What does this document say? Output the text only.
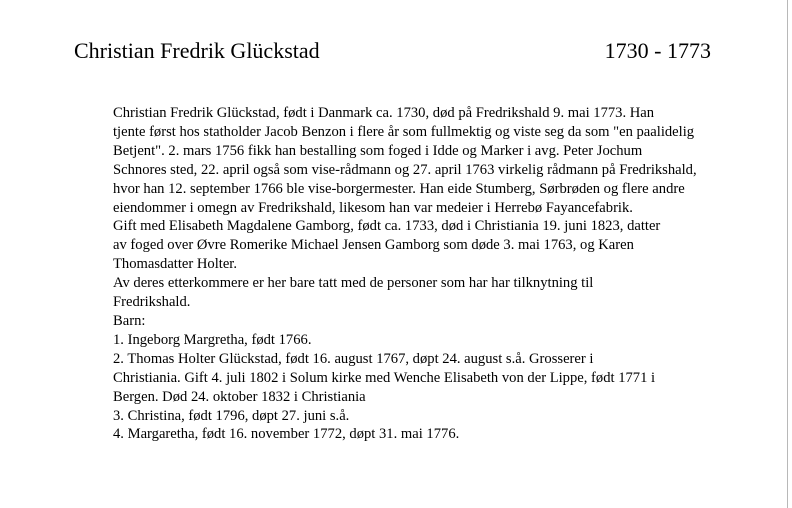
Christian Fredrik Glückstad	1730 - 1773

Christian Fredrik Glückstad, født i Danmark ca. 1730, død på Fredrikshald 9. mai 1773. Han
tjente først hos statholder Jacob Benzon i flere år som fullmektig og viste seg da som "en paalidelig
Betjent". 2. mars 1756 fikk han bestalling som foged i Idde og Marker i avg. Peter Jochum
Schnores sted, 22. april også som vise-rådmann og 27. april 1763 virkelig rådmann på Fredrikshald,
hvor han 12. september 1766 ble vise-borgermester. Han eide Stumberg, Sørbrøden og flere andre
eiendommer i omegn av Fredrikshald, likesom han var medeier i Herrebø Fayancefabrik.

Gift med Elisabeth Magdalene Gamborg, født ca. 1733, død i Christiania 19. juni 1823, datter
av foged over Øvre Romerike Michael Jensen Gamborg som døde 3. mai 1763, og Karen
Thomasdatter Holter.

Av deres etterkommere er her bare tatt med de personer som har har tilknytning til
Fredrikshald.

Barn:
1. Ingeborg Margretha, født 1766.
2. Thomas Holter Glückstad, født 16. august 1767, døpt 24. august s.å. Grosserer i
Christiania. Gift 4. juli 1802 i Solum kirke med Wenche Elisabeth von der Lippe, født 1771 i
Bergen. Død 24. oktober 1832 i Christiania
3. Christina, født 1796, døpt 27. juni s.å.
4. Margaretha, født 16. november 1772, døpt 31. mai 1776.
